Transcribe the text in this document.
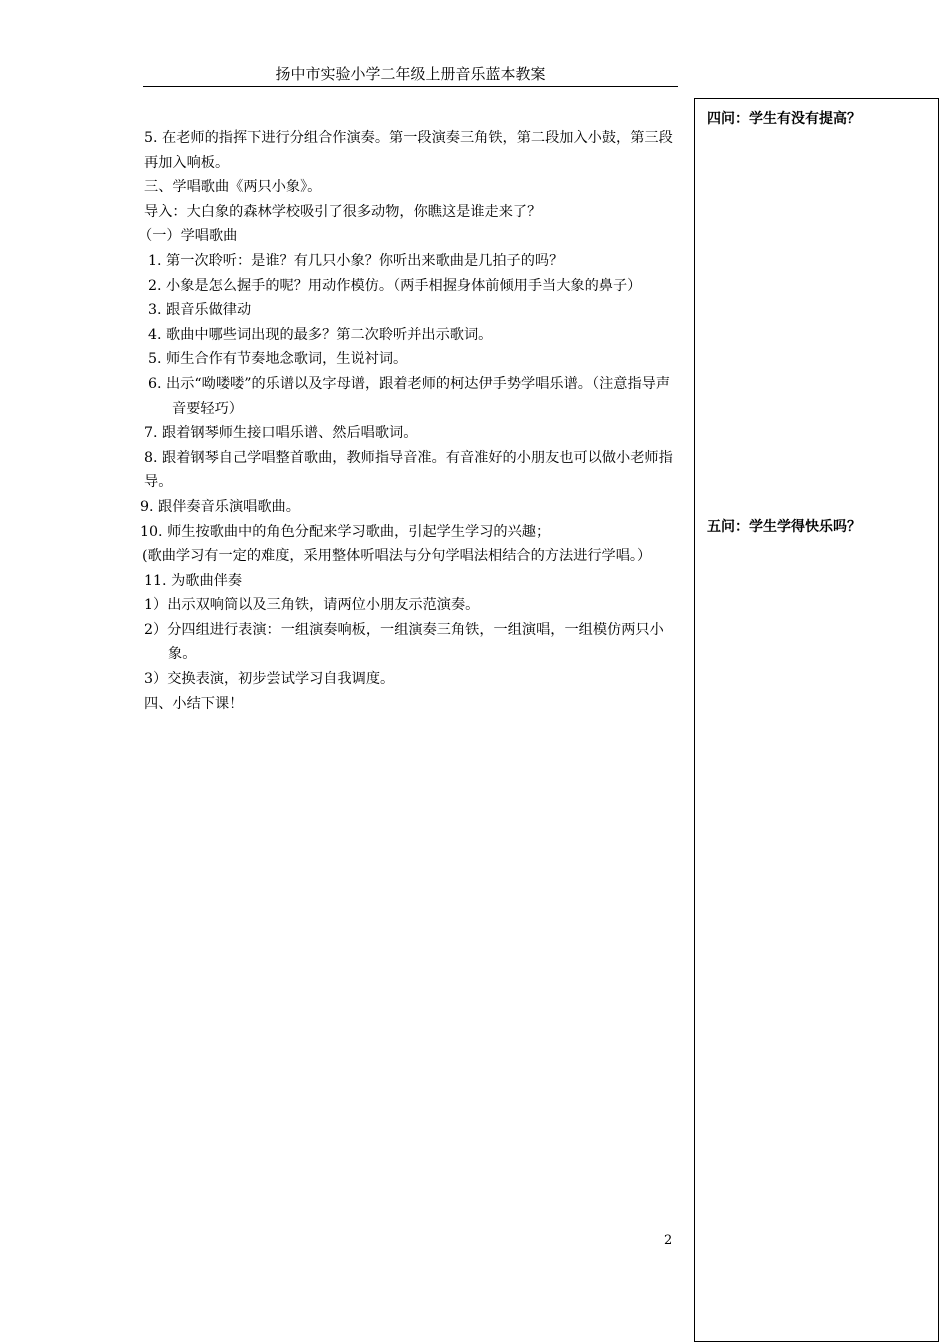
扬中市实验小学二年级上册音乐蓝本教案
5. 在老师的指挥下进行分组合作演奏。第一段演奏三角铁，第二段加入小鼓，第三段再加入响板。
三、学唱歌曲《两只小象》。
导入：大白象的森林学校吸引了很多动物，你瞧这是谁走来了？
（一）学唱歌曲
1. 第一次聆听：是谁？有几只小象？你听出来歌曲是几拍子的吗？
2. 小象是怎么握手的呢？用动作模仿。（两手相握身体前倾用手当大象的鼻子）
3. 跟音乐做律动
4. 歌曲中哪些词出现的最多？第二次聆听并出示歌词。
5. 师生合作有节奏地念歌词，生说衬词。
6. 出示“呦喽喽”的乐谱以及字母谱，跟着老师的柯达伊手势学唱乐谱。（注意指导声音要轻巧）
7. 跟着钢琴师生接口唱乐谱、然后唱歌词。
8. 跟着钢琴自己学唱整首歌曲，教师指导音准。有音准好的小朋友也可以做小老师指导。
9. 跟伴奏音乐演唱歌曲。
10. 师生按歌曲中的角色分配来学习歌曲，引起学生学习的兴趣；
(歌曲学习有一定的难度，采用整体听唱法与分句学唱法相结合的方法进行学唱。）
11. 为歌曲伴奏
1）出示双响筒以及三角铁，请两位小朋友示范演奏。
2）分四组进行表演：一组演奏响板，一组演奏三角铁，一组演唱，一组模仿两只小象。
3）交换表演，初步尝试学习自我调度。
四、小结下课！
四问：学生有没有提高？
五问：学生学得快乐吗？
2
